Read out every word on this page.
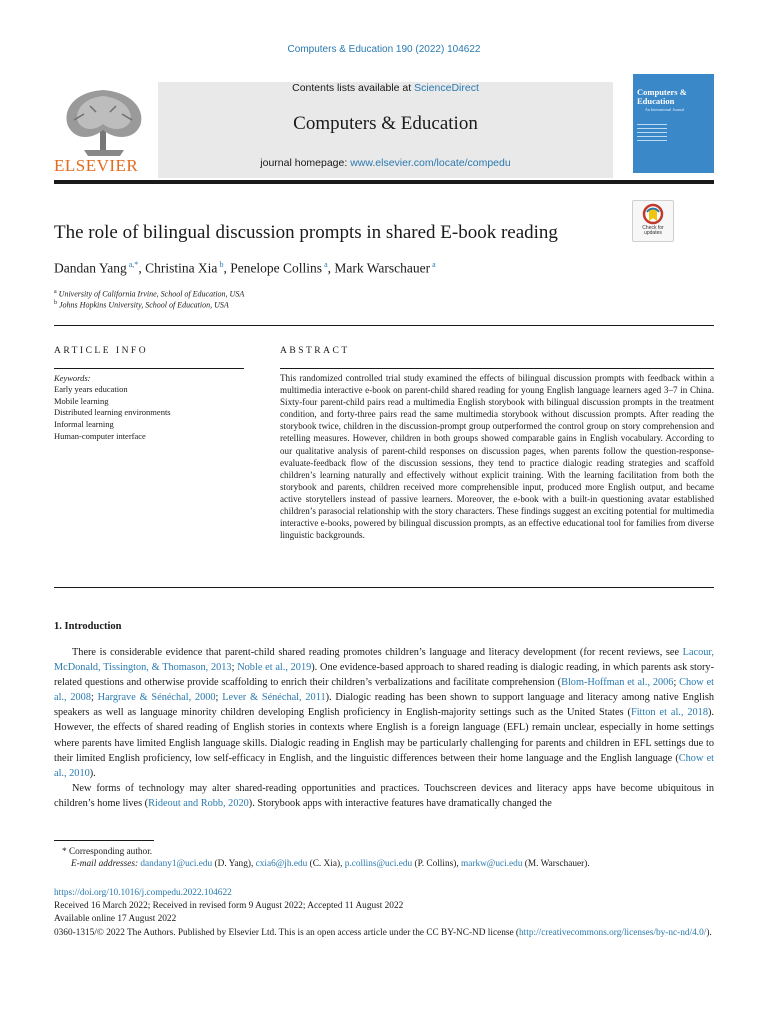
Computers & Education 190 (2022) 104622
ELSEVIER
Contents lists available at ScienceDirect
Computers & Education
journal homepage: www.elsevier.com/locate/compedu
Computers & Education
An International Journal
The role of bilingual discussion prompts in shared E-book reading	Check for updates
Dandan Yang $^{a,*}$, Christina Xia $^b$, Penelope Collins $^a$, Mark Warschauer $^a$
$^a$ University of California Irvine, School of Education, USA
$^b$ Johns Hopkins University, School of Education, USA
ARTICLE INFO
Keywords:
Early years education
Mobile learning
Distributed learning environments
Informal learning
Human-computer interface
ABSTRACT
This randomized controlled trial study examined the effects of bilingual discussion prompts with feedback within a multimedia interactive e-book on parent-child shared reading for young English language learners aged 3–7 in China. Sixty-four parent-child pairs read a multimedia English storybook with bilingual discussion prompts in the treatment condition, and forty-three pairs read the same multimedia storybook without discussion prompts. After reading the storybook twice, children in the discussion-prompt group outperformed the control group on story comprehension and retelling measures. However, children in both groups showed comparable gains in English vocabulary. According to our qualitative analysis of parent-child responses on discussion pages, when parents follow the question-response-evaluate-feedback flow of the discussion sessions, they tend to practice dialogic reading strategies and scaffold children’s learning naturally and effectively without explicit training. With the learning facilitation from both the storybook and parents, children received more comprehensible input, produced more English output, and became active storytellers instead of passive learners. Moreover, the e-book with a built-in questioning avatar established children’s parasocial relationship with the story characters. These findings suggest an exciting potential for multimedia interactive e-books, powered by bilingual discussion prompts, as an effective educational tool for families from diverse linguistic backgrounds.
1. Introduction

There is considerable evidence that parent-child shared reading promotes children’s language and literacy development (for recent reviews, see Lacour, McDonald, Tissington, & Thomason, 2013; Noble et al., 2019). One evidence-based approach to shared reading is dialogic reading, in which parents ask story-related questions and otherwise provide scaffolding to enrich their children’s verbalizations and facilitate comprehension (Blom-Hoffman et al., 2006; Chow et al., 2008; Hargrave & Sénéchal, 2000; Lever & Sénéchal, 2011). Dialogic reading has been shown to support language and literacy among native English speakers as well as language minority children developing English proficiency in English-majority settings such as the United States (Fitton et al., 2018). However, the effects of shared reading of English stories in contexts where English is a foreign language (EFL) remain unclear, especially in home settings where parents have limited English language skills. Dialogic reading in English may be particularly challenging for parents and children in EFL settings due to their limited English proficiency, low self-efficacy in English, and the linguistic differences between their home language and the English language (Chow et al., 2010).

New forms of technology may alter shared-reading opportunities and practices. Touchscreen devices and literacy apps have become ubiquitous in children’s home lives (Rideout and Robb, 2020). Storybook apps with interactive features have dramatically changed the

* Corresponding author.
E-mail addresses: dandany1@uci.edu (D. Yang), cxia6@jh.edu (C. Xia), p.collins@uci.edu (P. Collins), markw@uci.edu (M. Warschauer).
https://doi.org/10.1016/j.compedu.2022.104622
Received 16 March 2022; Received in revised form 9 August 2022; Accepted 11 August 2022
Available online 17 August 2022
0360-1315/© 2022 The Authors. Published by Elsevier Ltd. This is an open access article under the CC BY-NC-ND license (http://creativecommons.org/licenses/by-nc-nd/4.0/).
